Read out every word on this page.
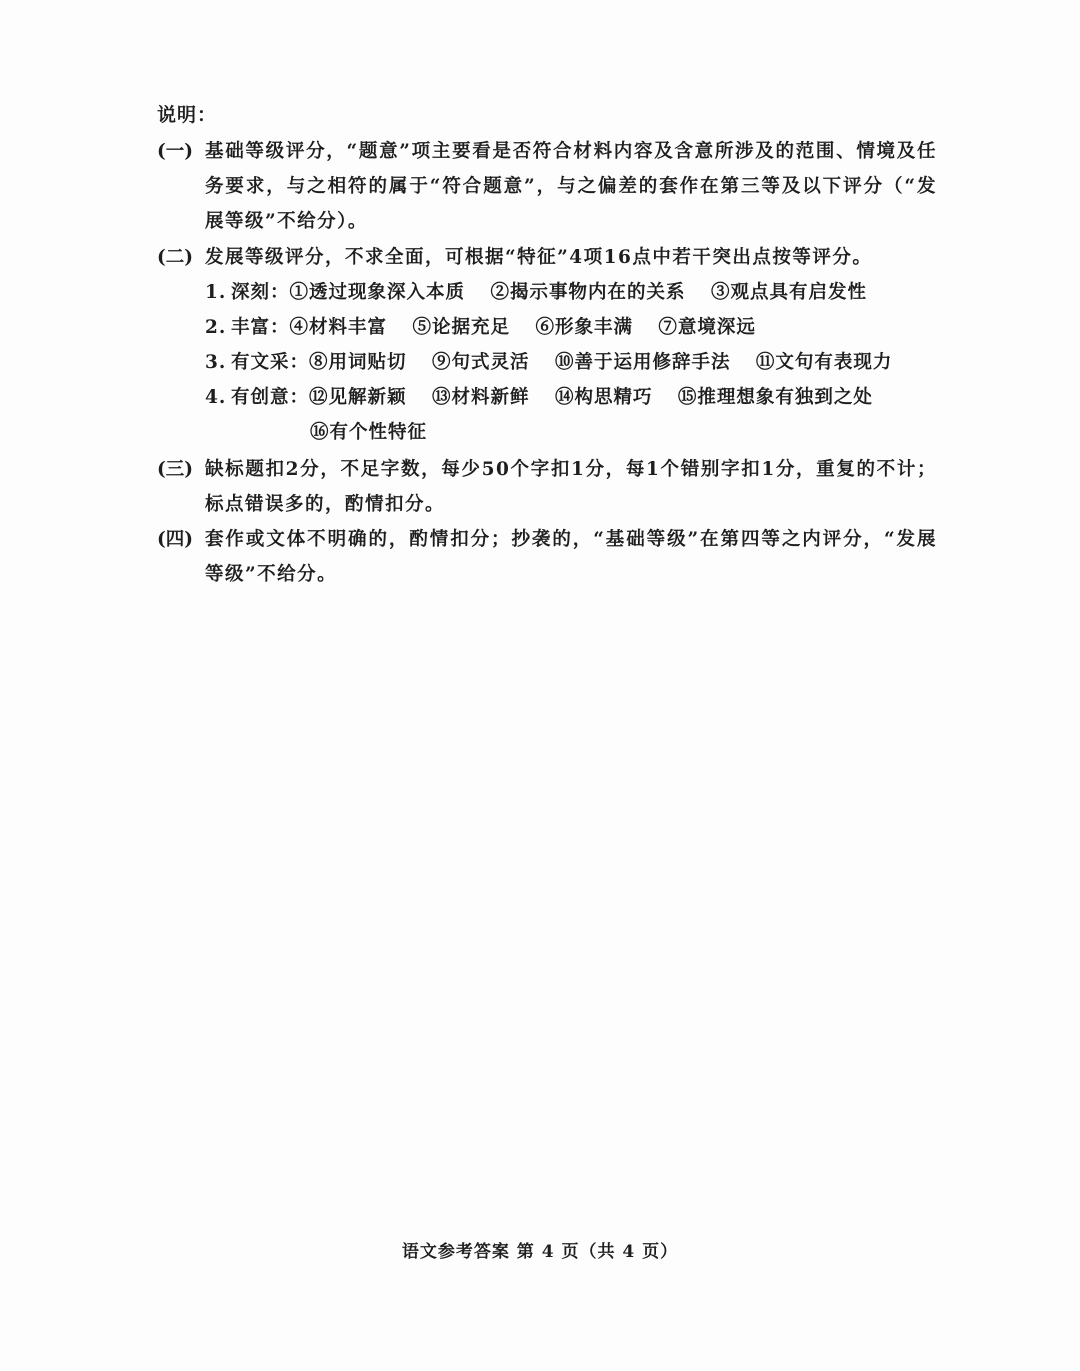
说明：
(一) 基础等级评分，“题意”项主要看是否符合材料内容及含意所涉及的范围、情境及任务要求，与之相符的属于“符合题意”，与之偏差的套作在第三等及以下评分（“发展等级”不给分）。
(二) 发展等级评分，不求全面，可根据“特征”4项16点中若干突出点按等评分。
1. 深刻： ①透过现象深入本质 ②揭示事物内在的关系 ③观点具有启发性
2. 丰富： ④材料丰富 ⑤论据充足 ⑥形象丰满 ⑦意境深远
3. 有文采： ⑧用词贴切 ⑨句式灵活 ⑩善于运用修辞手法 ⑪文句有表现力
4. 有创意： ⑫见解新颖 ⑬材料新鲜 ⑭构思精巧 ⑮推理想象有独到之处
⑯有个性特征
(三) 缺标题扣2分，不足字数，每少50个字扣1分，每1个错别字扣1分，重复的不计；标点错误多的，酌情扣分。
(四) 套作或文体不明确的，酌情扣分；抄袭的，“基础等级”在第四等之内评分，“发展等级”不给分。
语文参考答案 第 4 页（共 4 页）
